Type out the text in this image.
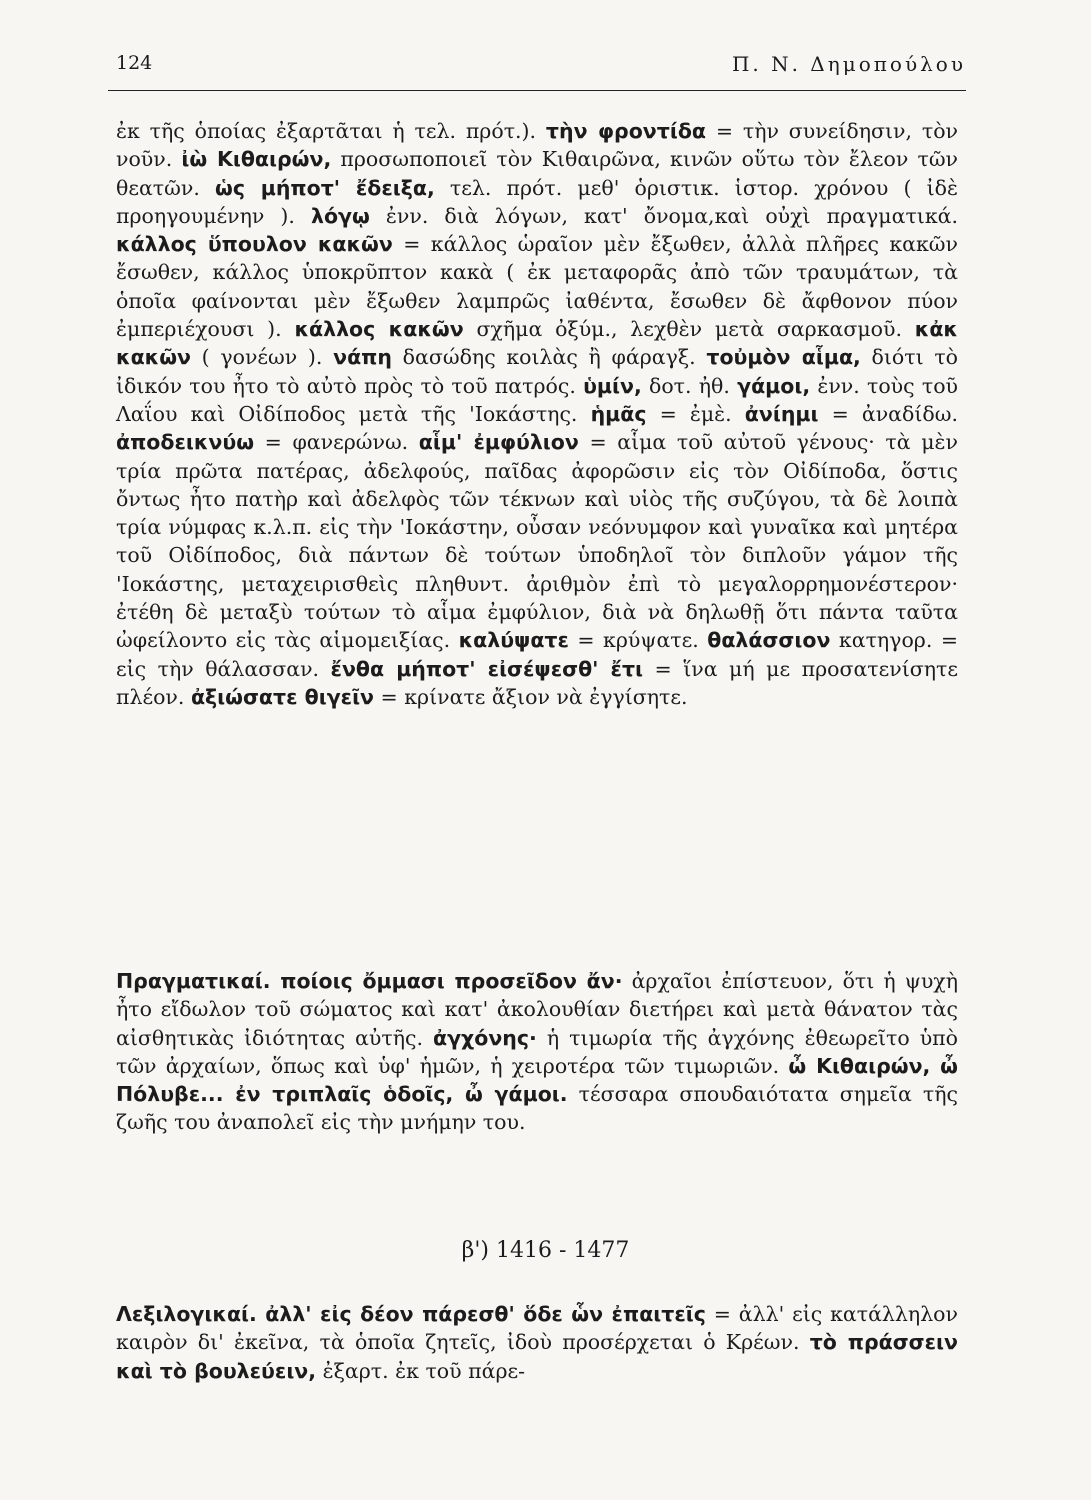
124	Π. Ν. Δημοπούλου

ἐκ τῆς ὁποίας ἐξαρτᾶται ἡ τελ. πρότ.). τὴν φροντίδα = τὴν συνείδησιν, τὸν νοῦν. ἰὼ Κιθαιρών, προσωποποιεῖ τὸν Κιθαιρῶνα, κινῶν οὕτω τὸν ἔλεον τῶν θεατῶν. ὡς μήποτ' ἔδειξα, τελ. πρότ. μεθ' ὁριστικ. ἱστορ. χρόνου ( ἰδὲ προηγουμένην ). λόγῳ ἐνν. διὰ λόγων, κατ' ὄνομα,καὶ οὐχὶ πραγματικά. κάλλος ὕπουλον κακῶν = κάλλος ὡραῖον μὲν ἔξωθεν, ἀλλὰ πλῆρες κακῶν ἔσωθεν, κάλλος ὑποκρῦπτον κακὰ ( ἐκ μεταφορᾶς ἀπὸ τῶν τραυμάτων, τὰ ὁποῖα φαίνονται μὲν ἔξωθεν λαμπρῶς ἰαθέντα, ἔσωθεν δὲ ἄφθονον πύον ἐμπεριέχουσι ). κάλλος κακῶν σχῆμα ὀξύμ., λεχθὲν μετὰ σαρκασμοῦ. κἀκ κακῶν ( γονέων ). νάπη δασώδης κοιλὰς ἢ φάραγξ. τοὐμὸν αἷμα, διότι τὸ ἰδικόν του ἦτο τὸ αὐτὸ πρὸς τὸ τοῦ πατρός. ὑμίν, δοτ. ἠθ. γάμοι, ἐνν. τοὺς τοῦ Λαΐου καὶ Οἰδίποδος μετὰ τῆς 'Ιοκάστης. ἡμᾶς = ἐμὲ. ἀνίημι = ἀναδίδω. ἀποδεικνύω = φανερώνω. αἷμ' ἐμφύλιον = αἷμα τοῦ αὐτοῦ γένους· τὰ μὲν τρία πρῶτα πατέρας, ἀδελφούς, παῖδας ἀφορῶσιν εἰς τὸν Οἰδίποδα, ὅστις ὄντως ἦτο πατὴρ καὶ ἀδελφὸς τῶν τέκνων καὶ υἱὸς τῆς συζύγου, τὰ δὲ λοιπὰ τρία νύμφας κ.λ.π. εἰς τὴν 'Ιοκάστην, οὖσαν νεόνυμφον καὶ γυναῖκα καὶ μητέρα τοῦ Οἰδίποδος, διὰ πάντων δὲ τούτων ὑποδηλοῖ τὸν διπλοῦν γάμον τῆς 'Ιοκάστης, μεταχειρισθεὶς πληθυντ. ἀριθμὸν ἐπὶ τὸ μεγαλορρημονέστερον· ἐτέθη δὲ μεταξὺ τούτων τὸ αἷμα ἐμφύλιον, διὰ νὰ δηλωθῇ ὅτι πάντα ταῦτα ὠφείλοντο εἰς τὰς αἱμομειξίας. καλύψατε = κρύψατε. θαλάσσιον κατηγορ. = εἰς τὴν θάλασσαν. ἔνθα μήποτ' εἰσέψεσθ' ἔτι = ἵνα μή με προσατενίσητε πλέον. ἀξιώσατε θιγεῖν = κρίνατε ἄξιον νὰ ἐγγίσητε.

Πραγματικαί. ποίοις ὄμμασι προσεῖδον ἄν· ἀρχαῖοι ἐπίστευον, ὅτι ἡ ψυχὴ ἦτο εἴδωλον τοῦ σώματος καὶ κατ' ἀκολουθίαν διετήρει καὶ μετὰ θάνατον τὰς αἰσθητικὰς ἰδιότητας αὐτῆς. ἀγχόνης· ἡ τιμωρία τῆς ἀγχόνης ἐθεωρεῖτο ὑπὸ τῶν ἀρχαίων, ὅπως καὶ ὑφ' ἡμῶν, ἡ χειροτέρα τῶν τιμωριῶν. ὦ Κιθαιρών, ὦ Πόλυβε... ἐν τριπλαῖς ὁδοῖς, ὦ γάμοι. τέσσαρα σπουδαιότατα σημεῖα τῆς ζωῆς του ἀναπολεῖ εἰς τὴν μνήμην του.

β') 1416 - 1477

Λεξιλογικαί. ἀλλ' εἰς δέον πάρεσθ' ὅδε ὧν ἐπαιτεῖς = ἀλλ' εἰς κατάλληλον καιρὸν δι' ἐκεῖνα, τὰ ὁποῖα ζητεῖς, ἰδοὺ προσέρχεται ὁ Κρέων. τὸ πράσσειν καὶ τὸ βουλεύειν, ἐξαρτ. ἐκ τοῦ πάρε-
